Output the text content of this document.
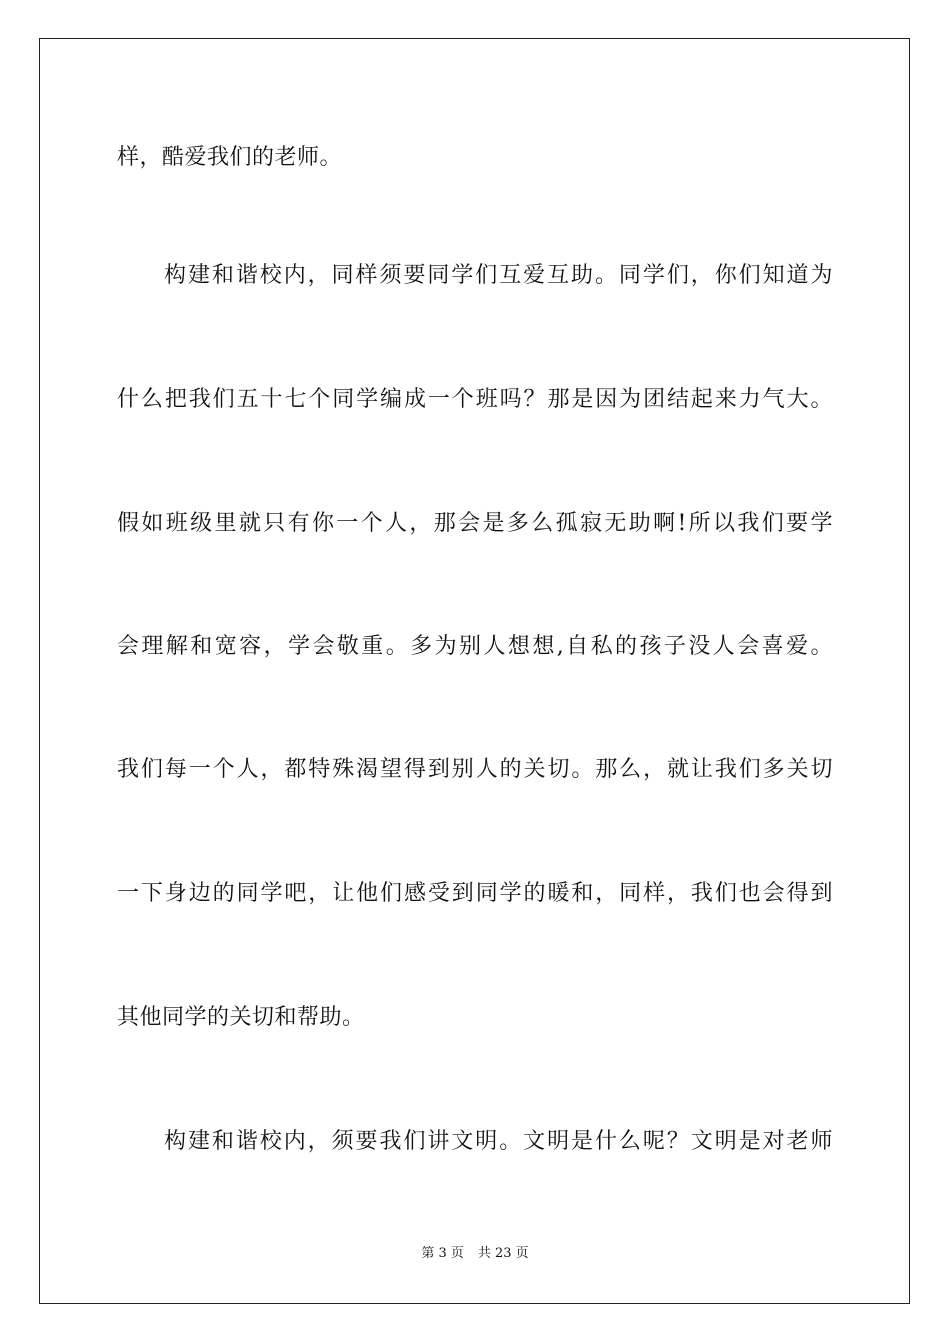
样，酷爱我们的老师。

构建和谐校内，同样须要同学们互爱互助。同学们，你们知道为

什么把我们五十七个同学编成一个班吗？那是因为团结起来力气大。

假如班级里就只有你一个人，那会是多么孤寂无助啊!所以我们要学

会理解和宽容，学会敬重。多为别人想想,自私的孩子没人会喜爱。

我们每一个人，都特殊渴望得到别人的关切。那么，就让我们多关切

一下身边的同学吧，让他们感受到同学的暖和，同样，我们也会得到

其他同学的关切和帮助。

构建和谐校内，须要我们讲文明。文明是什么呢？文明是对老师

第 3 页 共 23 页
